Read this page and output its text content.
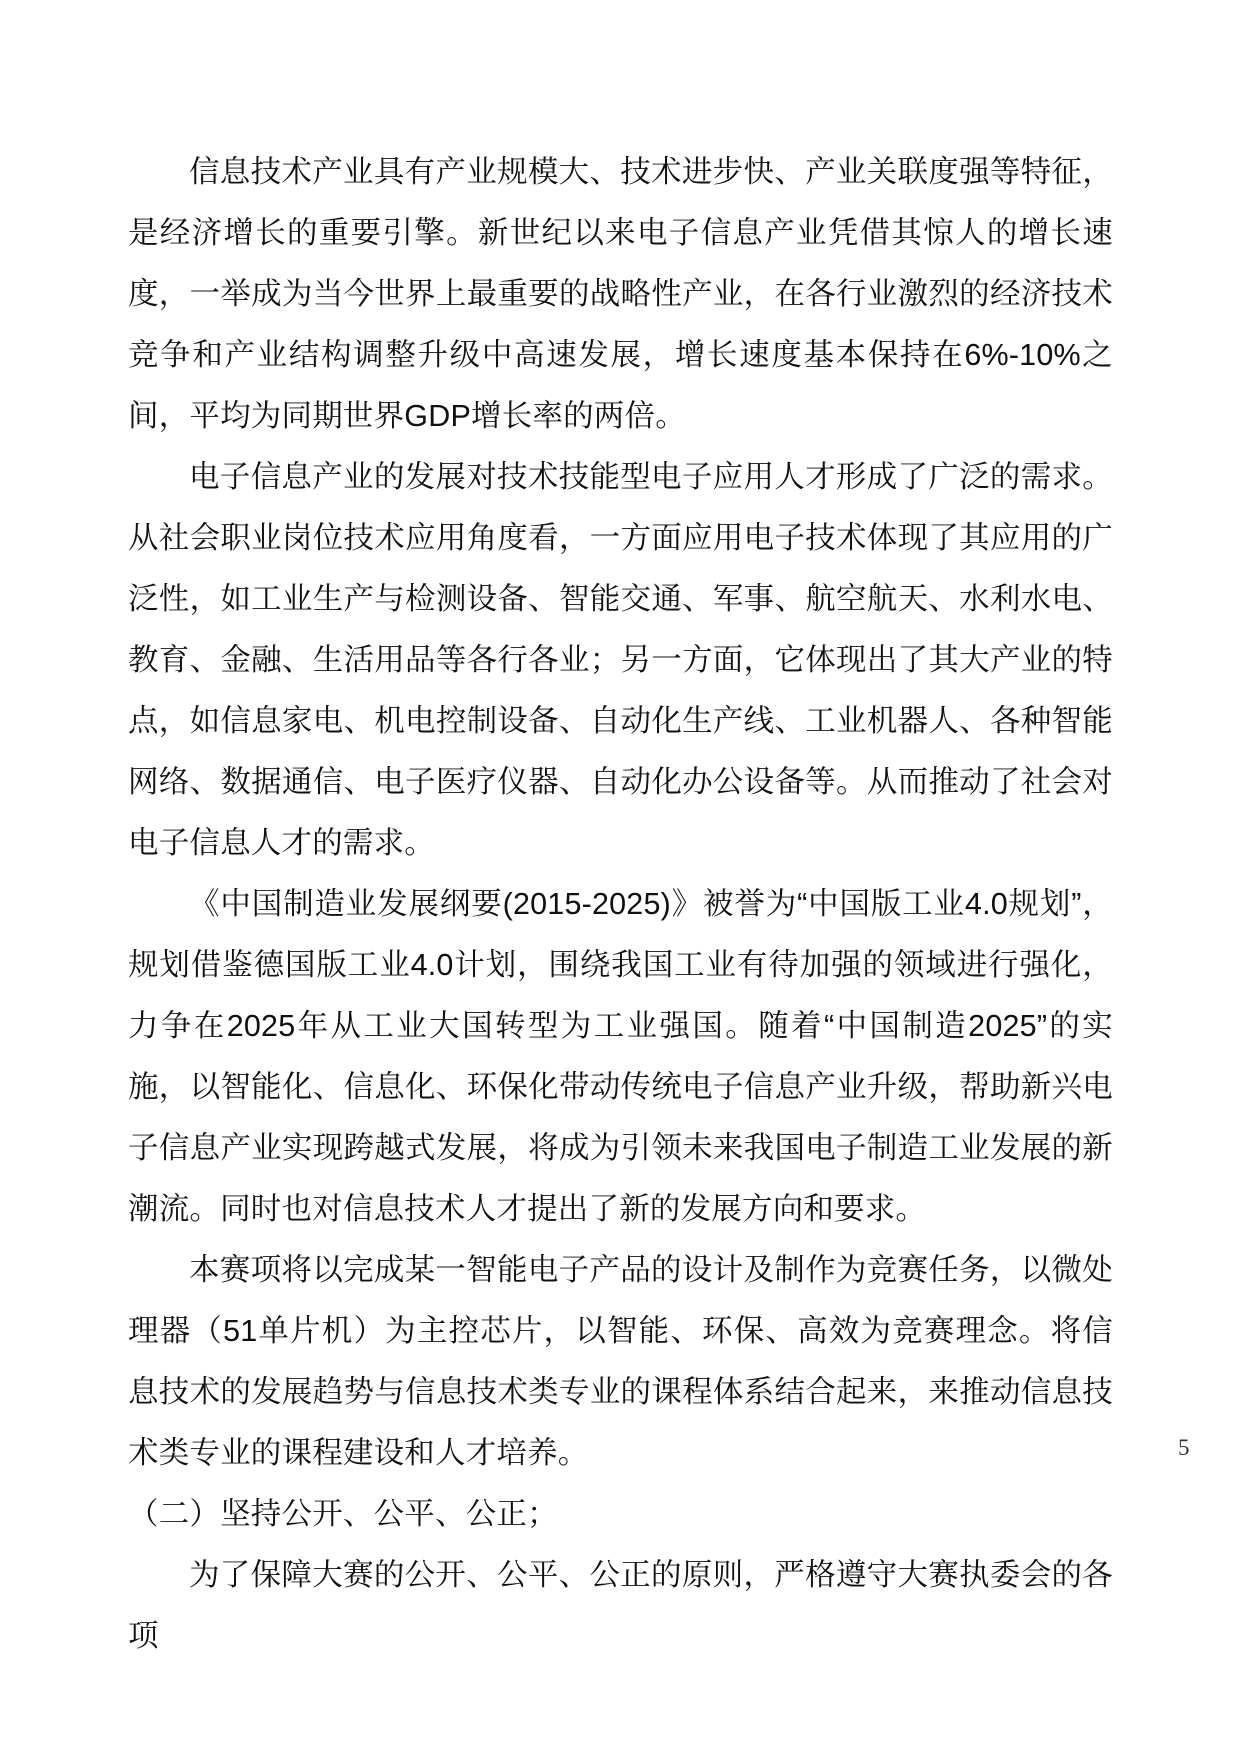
信息技术产业具有产业规模大、技术进步快、产业关联度强等特征，是经济增长的重要引擎。新世纪以来电子信息产业凭借其惊人的增长速度，一举成为当今世界上最重要的战略性产业，在各行业激烈的经济技术竞争和产业结构调整升级中高速发展，增长速度基本保持在6%-10%之间，平均为同期世界GDP增长率的两倍。

电子信息产业的发展对技术技能型电子应用人才形成了广泛的需求。从社会职业岗位技术应用角度看，一方面应用电子技术体现了其应用的广泛性，如工业生产与检测设备、智能交通、军事、航空航天、水利水电、教育、金融、生活用品等各行各业；另一方面，它体现出了其大产业的特点，如信息家电、机电控制设备、自动化生产线、工业机器人、各种智能网络、数据通信、电子医疗仪器、自动化办公设备等。从而推动了社会对电子信息人才的需求。

《中国制造业发展纲要(2015-2025)》被誉为“中国版工业4.0规划”，规划借鉴德国版工业4.0计划，围绕我国工业有待加强的领域进行强化，力争在2025年从工业大国转型为工业强国。随着“中国制造2025”的实施，以智能化、信息化、环保化带动传统电子信息产业升级，帮助新兴电子信息产业实现跨越式发展，将成为引领未来我国电子制造工业发展的新潮流。同时也对信息技术人才提出了新的发展方向和要求。

本赛项将以完成某一智能电子产品的设计及制作为竞赛任务，以微处理器（51单片机）为主控芯片，以智能、环保、高效为竞赛理念。将信息技术的发展趋势与信息技术类专业的课程体系结合起来，来推动信息技术类专业的课程建设和人才培养。

（二）坚持公开、公平、公正；

为了保障大赛的公开、公平、公正的原则，严格遵守大赛执委会的各项

5
